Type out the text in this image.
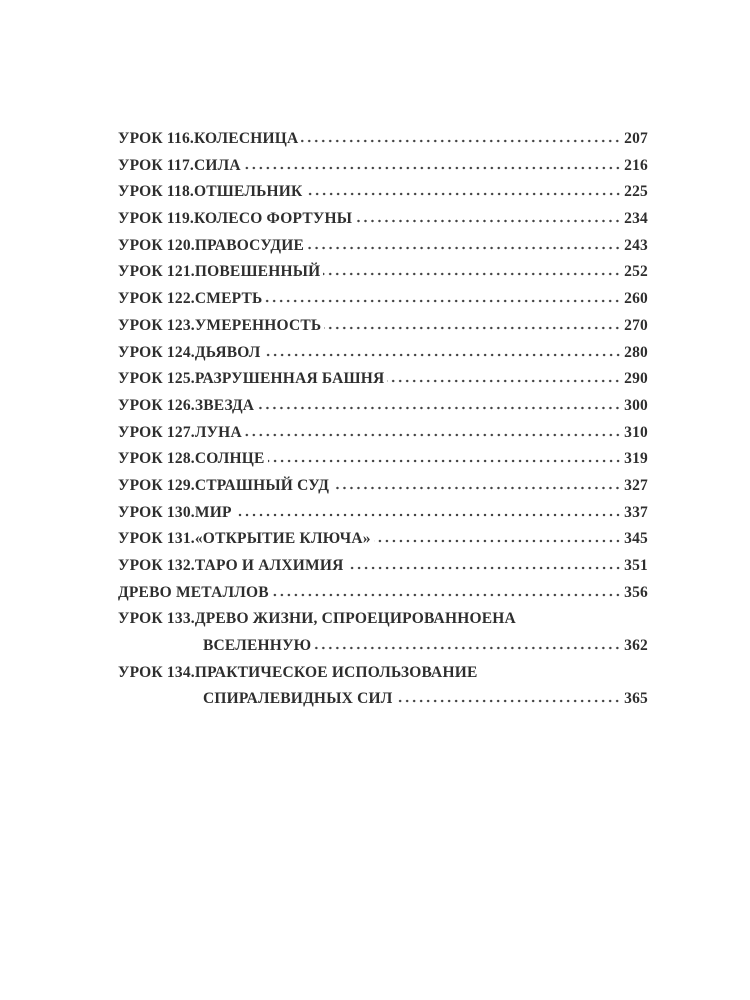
УРОК 116. КОЛЕСНИЦА	207
УРОК 117. СИЛА	216
УРОК 118. ОТШЕЛЬНИК	225
УРОК 119. КОЛЕСО ФОРТУНЫ	234
УРОК 120. ПРАВОСУДИЕ	243
УРОК 121. ПОВЕШЕННЫЙ	252
УРОК 122. СМЕРТЬ	260
УРОК 123. УМЕРЕННОСТЬ	270
УРОК 124. ДЬЯВОЛ	280
УРОК 125. РАЗРУШЕННАЯ БАШНЯ	290
УРОК 126. ЗВЕЗДА	300
УРОК 127. ЛУНА	310
УРОК 128. СОЛНЦЕ	319
УРОК 129. СТРАШНЫЙ СУД	327
УРОК 130. МИР	337
УРОК 131. «ОТКРЫТИЕ КЛЮЧА»	345
УРОК 132. ТАРО И АЛХИМИЯ	351
ДРЕВО МЕТАЛЛОВ	356
УРОК 133. ДРЕВО ЖИЗНИ, СПРОЕЦИРОВАННОЕНА
ВСЕЛЕННУЮ	362
УРОК 134. ПРАКТИЧЕСКОЕ ИСПОЛЬЗОВАНИЕ
СПИРАЛЕВИДНЫХ СИЛ	365
